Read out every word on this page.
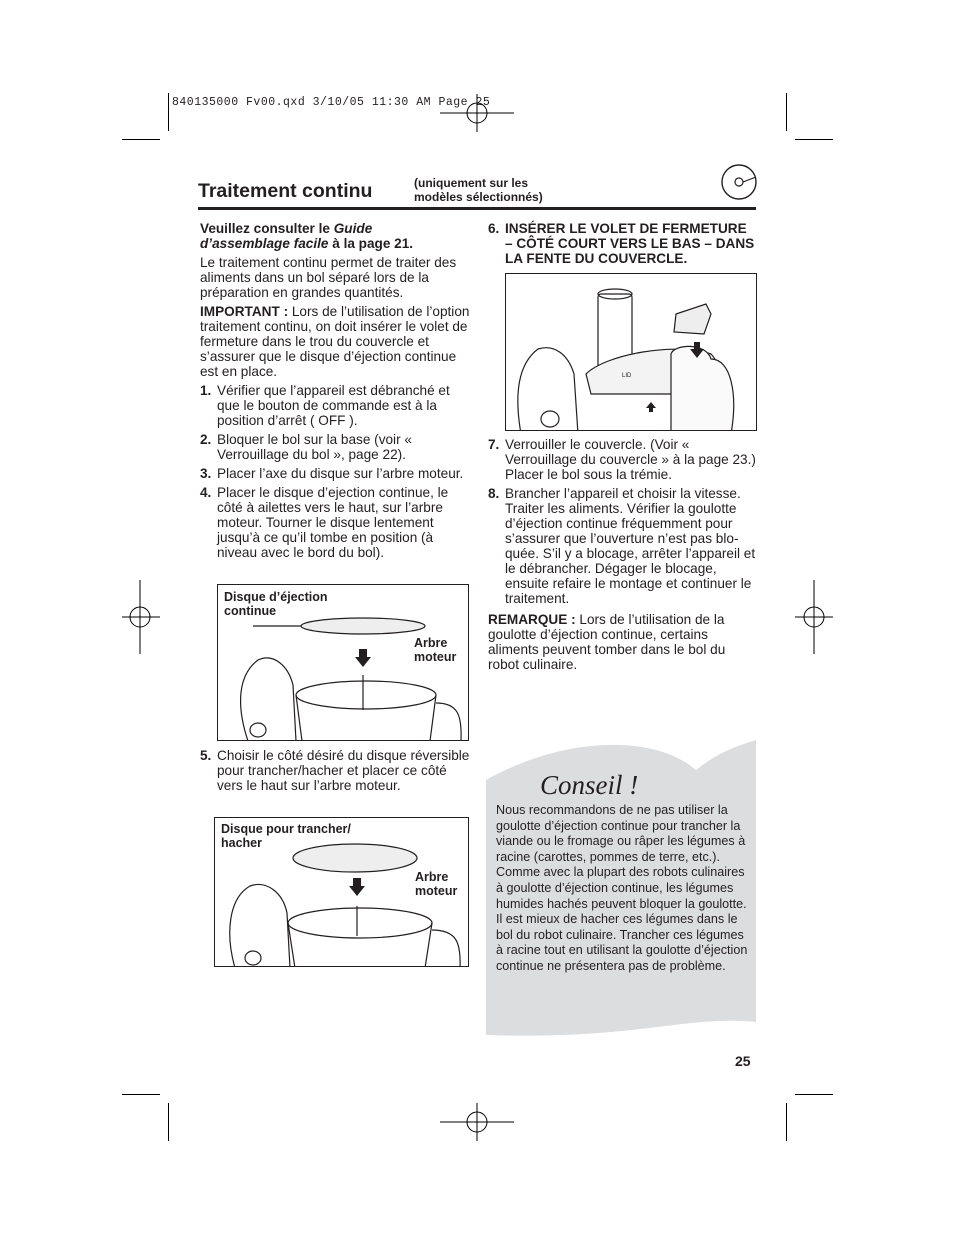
840135000 Fv00.qxd 3/10/05 11:30 AM Page 25
Traitement continu	(uniquement sur les
modèles sélectionnés)

Veuillez consulter le Guide
d’assemblage facile à la page 21.

Le traitement continu permet de traiter des aliments dans un bol séparé lors de la préparation en grandes quantités.

IMPORTANT : Lors de l’utilisation de l’option traitement continu, on doit insérer le volet de fermeture dans le trou du couvercle et s’assurer que le disque d’éjection continue est en place.

1. Vérifier que l’appareil est débranché et que le bouton de commande est à la position d’arrêt ( OFF ).
2. Bloquer le bol sur la base (voir « Verrouillage du bol », page 22).
3. Placer l’axe du disque sur l’arbre moteur.
4. Placer le disque d’ejection continue, le côté à ailettes vers le haut, sur l’arbre moteur. Tourner le disque lentement jusqu’à ce qu’il tombe en position (à niveau avec le bord du bol).
Disque d’éjection
continue
Arbre
moteur
5. Choisir le côté désiré du disque réversible pour trancher/hacher et placer ce côté vers le haut sur l’arbre moteur.
Disque pour trancher/
hacher
Arbre
moteur
6. INSÉRER LE VOLET DE FERMETURE – CÔTÉ COURT VERS LE BAS – DANS LA FENTE DU COUVERCLE.
LID
7. Verrouiller le couvercle. (Voir « Verrouillage du couvercle » à la page 23.) Placer le bol sous la trémie.
8. Brancher l’appareil et choisir la vitesse. Traiter les aliments. Vérifier la goulotte d’éjection continue fréquemment pour s’assurer que l’ouverture n’est pas blo-quée. S’il y a blocage, arrêter l’appareil et le débrancher. Dégager le blocage, ensuite refaire le montage et continuer le traitement.

REMARQUE : Lors de l’utilisation de la goulotte d’éjection continue, certains aliments peuvent tomber dans le bol du robot culinaire.

Conseil !
Nous recommandons de ne pas utiliser la goulotte d’éjection continue pour trancher la viande ou le fromage ou râper les légumes à racine (carottes, pommes de terre, etc.). Comme avec la plupart des robots culinaires à goulotte d’éjection continue, les légumes humides hachés peuvent bloquer la goulotte. Il est mieux de hacher ces légumes dans le bol du robot culinaire. Trancher ces légumes à racine tout en utilisant la goulotte d’éjection continue ne présentera pas de problème.
25
